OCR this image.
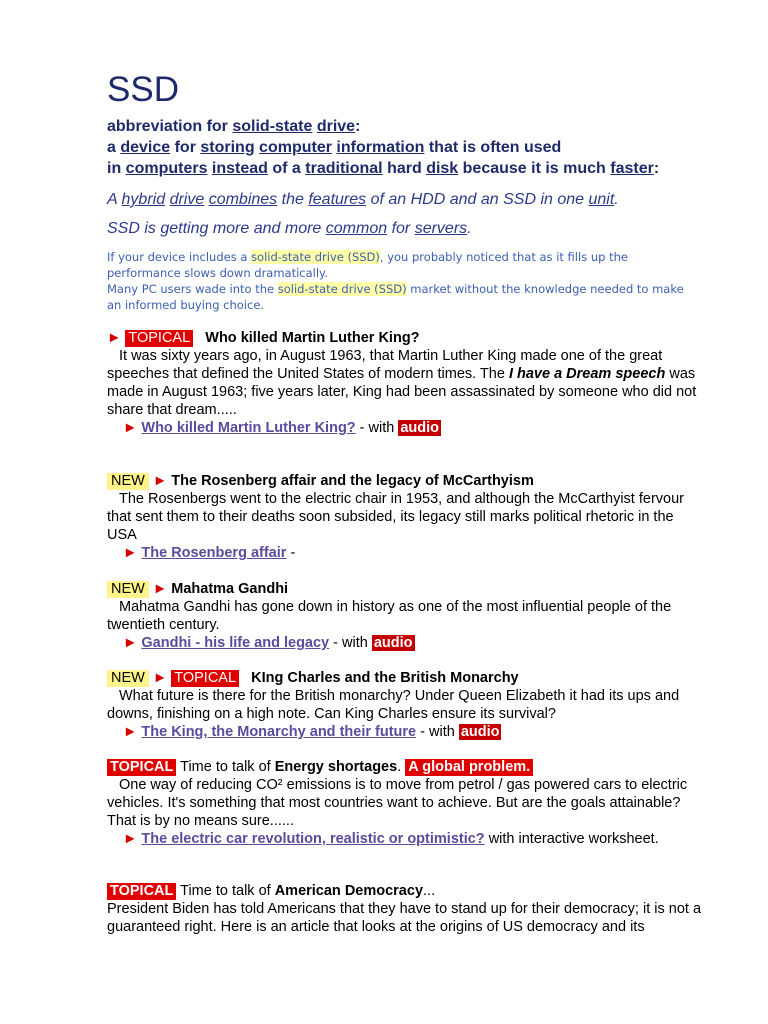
SSD
abbreviation for solid-state drive:
a device for storing computer information that is often used
in computers instead of a traditional hard disk because it is much faster:
A hybrid drive combines the features of an HDD and an SSD in one unit.
SSD is getting more and more common for servers.
If your device includes a solid-state drive (SSD), you probably noticed that as it fills up the performance slows down dramatically.
Many PC users wade into the solid-state drive (SSD) market without the knowledge needed to make an informed buying choice.
► TOPICAL Who killed Martin Luther King?
It was sixty years ago, in August 1963, that Martin Luther King made one of the great speeches that defined the United States of modern times. The I have a Dream speech was made in August 1963; five years later, King had been assassinated by someone who did not share that dream.....
► Who killed Martin Luther King? - with audio
NEW ► The Rosenberg affair and the legacy of McCarthyism
The Rosenbergs went to the electric chair in 1953, and although the McCarthyist fervour that sent them to their deaths soon subsided, its legacy still marks political rhetoric in the USA
► The Rosenberg affair -
NEW ► Mahatma Gandhi
Mahatma Gandhi has gone down in history as one of the most influential people of the twentieth century.
► Gandhi - his life and legacy - with audio
NEW ► TOPICAL KIng Charles and the British Monarchy
What future is there for the British monarchy? Under Queen Elizabeth it had its ups and downs, finishing on a high note. Can King Charles ensure its survival?
► The King, the Monarchy and their future - with audio
TOPICAL Time to talk of Energy shortages. A global problem.
One way of reducing CO² emissions is to move from petrol / gas powered cars to electric vehicles. It's something that most countries want to achieve. But are the goals attainable? That is by no means sure......
► The electric car revolution, realistic or optimistic? with interactive worksheet.
TOPICAL Time to talk of American Democracy...
President Biden has told Americans that they have to stand up for their democracy; it is not a guaranteed right. Here is an article that looks at the origins of US democracy and its
